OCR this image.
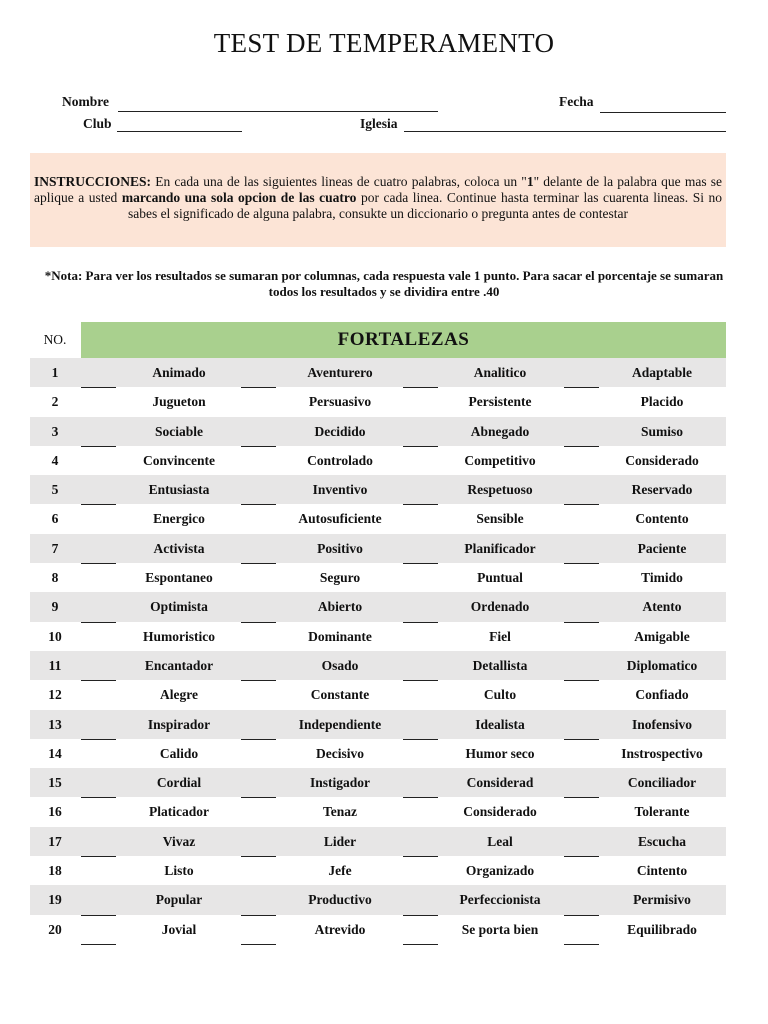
TEST DE TEMPERAMENTO
Nombre	Fecha
Club	Iglesia
INSTRUCCIONES: En cada una de las siguientes lineas de cuatro palabras, coloca un "1" delante de la palabra que mas se aplique a usted marcando una sola opcion de las cuatro por cada linea. Continue hasta terminar las cuarenta lineas. Si no sabes el significado de alguna palabra, consukte un diccionario o pregunta antes de contestar
*Nota: Para ver los resultados se sumaran por columnas, cada respuesta vale 1 punto. Para sacar el porcentaje se sumaran todos los resultados y se dividira entre .40
NO.	FORTALEZAS
1	Animado	Aventurero	Analitico	Adaptable
2	Jugueton	Persuasivo	Persistente	Placido
3	Sociable	Decidido	Abnegado	Sumiso
4	Convincente	Controlado	Competitivo	Considerado
5	Entusiasta	Inventivo	Respetuoso	Reservado
6	Energico	Autosuficiente	Sensible	Contento
7	Activista	Positivo	Planificador	Paciente
8	Espontaneo	Seguro	Puntual	Timido
9	Optimista	Abierto	Ordenado	Atento
10	Humoristico	Dominante	Fiel	Amigable
11	Encantador	Osado	Detallista	Diplomatico
12	Alegre	Constante	Culto	Confiado
13	Inspirador	Independiente	Idealista	Inofensivo
14	Calido	Decisivo	Humor seco	Instrospectivo
15	Cordial	Instigador	Considerad	Conciliador
16	Platicador	Tenaz	Considerado	Tolerante
17	Vivaz	Lider	Leal	Escucha
18	Listo	Jefe	Organizado	Cintento
19	Popular	Productivo	Perfeccionista	Permisivo
20	Jovial	Atrevido	Se porta bien	Equilibrado
